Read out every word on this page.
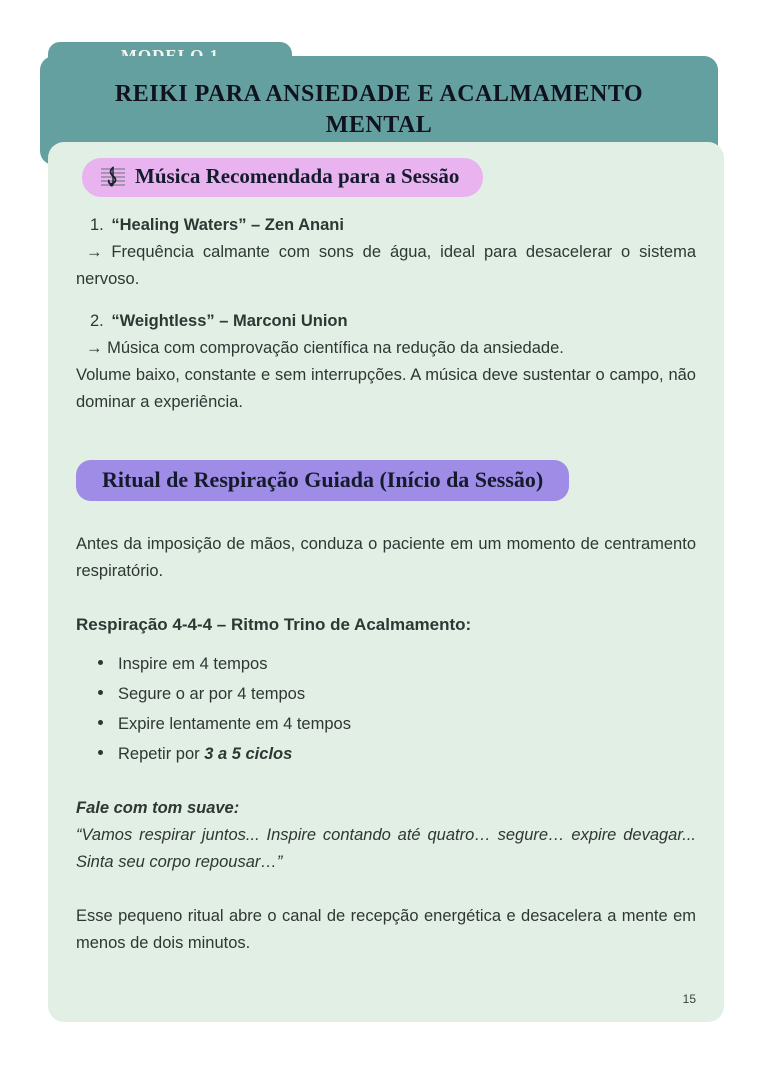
REIKI PARA ANSIEDADE E ACALMAMENTO
MENTAL
Música Recomendada para a Sessão
1. “Healing Waters” – Zen Anani

→ Frequência calmante com sons de água, ideal para desacelerar o sistema nervoso.

2. “Weightless” – Marconi Union

→ Música com comprovação científica na redução da ansiedade.

Volume baixo, constante e sem interrupções. A música deve sustentar o campo, não dominar a experiência.

Ritual de Respiração Guiada (Início da Sessão)

Antes da imposição de mãos, conduza o paciente em um momento de centramento respiratório.

Respiração 4-4-4 – Ritmo Trino de Acalmamento:
Inspire em 4 tempos
Segure o ar por 4 tempos
Expire lentamente em 4 tempos
Repetir por 3 a 5 ciclos
Fale com tom suave:

“Vamos respirar juntos... Inspire contando até quatro… segure… expire devagar... Sinta seu corpo repousar…”

Esse pequeno ritual abre o canal de recepção energética e desacelera a mente em menos de dois minutos.

15
